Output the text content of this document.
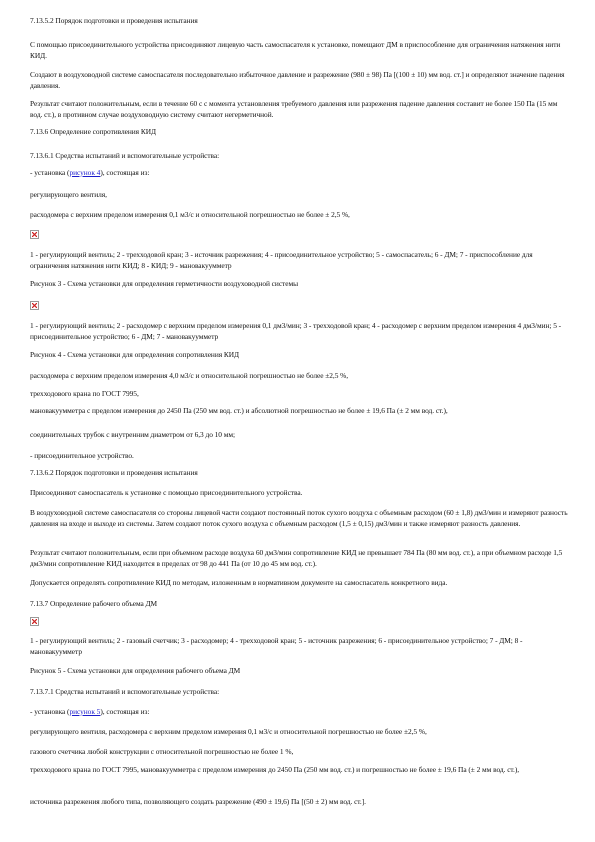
7.13.5.2 Порядок подготовки и проведения испытания

С помощью присоединительного устройства присоединяют лицевую часть самоспасателя к установке, помещают ДМ в приспособление для ограничения натяжения нити КИД.

Создают в воздуховодной системе самоспасателя последовательно избыточное давление и разрежение (980 ± 98) Па [(100 ± 10) мм вод. ст.] и определяют значение падения давления.

Результат считают положительным, если в течение 60 с с момента установления требуемого давления или разрежения падение давления составит не более 150 Па (15 мм вод. ст.), в противном случае воздуховодную систему считают негерметичной.

7.13.6 Определение сопротивления КИД

7.13.6.1 Средства испытаний и вспомогательные устройства:

- установка (рисунок 4), состоящая из:

регулирующего вентиля,

расходомера с верхним пределом измерения 0,1 м3/c и относительной погрешностью не более ± 2,5 %,

1 - регулирующий вентиль; 2 - трехходовой кран; 3 - источник разрежения; 4 - присоединительное устройство; 5 - самоспасатель; 6 - ДМ; 7 - приспособление для ограничения натяжения нити КИД; 8 - КИД; 9 - мановакуумметр

Рисунок 3 - Схема установки для определения герметичности воздуховодной системы

1 - регулирующий вентиль; 2 - расходомер с верхним пределом измерения 0,1 дм3/мин; 3 - трехходовой кран; 4 - расходомер с верхним пределом измерения 4 дм3/мин; 5 - присоединительное устройство; 6 - ДМ; 7 - мановакуумметр

Рисунок 4 - Схема установки для определения сопротивления КИД

расходомера с верхним пределом измерения 4,0 м3/c и относительной погрешностью не более ±2,5 %,

трехходового крана по ГОСТ 7995,

мановакуумметра с пределом измерения до 2450 Па (250 мм вод. ст.) и абсолютной погрешностью не более ± 19,6 Па (± 2 мм вод. ст.),

соединительных трубок с внутренним диаметром от 6,3 до 10 мм;

- присоединительное устройство.

7.13.6.2 Порядок подготовки и проведения испытания

Присоединяют самоспасатель к установке с помощью присоединительного устройства.

В воздуховодной системе самоспасателя со стороны лицевой части создают постоянный поток сухого воздуха с объемным расходом (60 ± 1,8) дм3/мин и измеряют разность давления на входе и выходе из системы. Затем создают поток сухого воздуха с объемным расходом (1,5 ± 0,15) дм3/мин и также измеряют разность давления.

Результат считают положительным, если при объемном расходе воздуха 60 дм3/мин сопротивление КИД не превышает 784 Па (80 мм вод. ст.), а при объемном расходе 1,5 дм3/мин сопротивление КИД находится в пределах от 98 до 441 Па (от 10 до 45 мм вод. ст.).

Допускается определять сопротивление КИД по методам, изложенным в нормативном документе на самоспасатель конкретного вида.

7.13.7 Определение рабочего объема ДМ

1 - регулирующий вентиль; 2 - газовый счетчик; 3 - расходомер; 4 - трехходовой кран; 5 - источник разрежения; 6 - присоединительное устройство; 7 - ДМ; 8 - мановакуумметр

Рисунок 5 - Схема установки для определения рабочего объема ДМ

7.13.7.1 Средства испытаний и вспомогательные устройства:

- установка (рисунок 5), состоящая из:

регулирующего вентиля, расходомера с верхним пределом измерения 0,1 м3/c и относительной погрешностью не более ±2,5 %,

газового счетчика любой конструкции с относительной погрешностью не более 1 %,

трехходового крана по ГОСТ 7995, мановакуумметра с пределом измерения до 2450 Па (250 мм вод. ст.) и погрешностью не более ± 19,6 Па (± 2 мм вод. ст.),

источника разрежения любого типа, позволяющего создать разрежение (490 ± 19,6) Па [(50 ± 2) мм вод. ст.].
